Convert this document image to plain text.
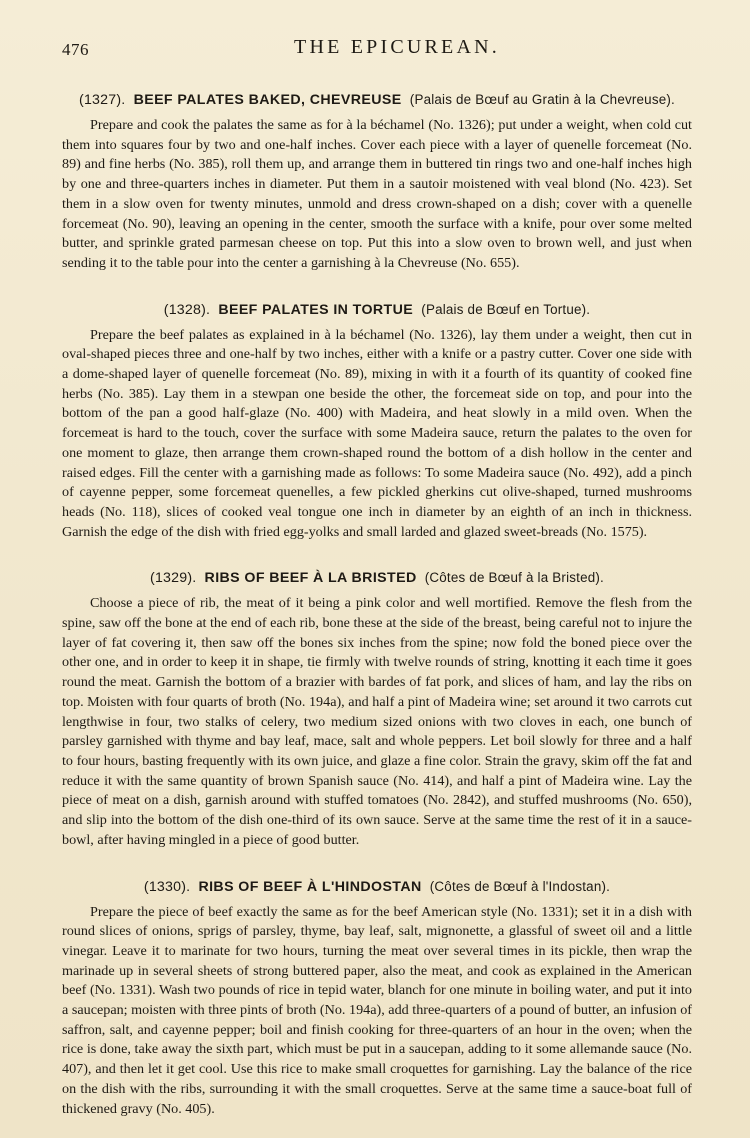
476	THE EPICUREAN.
(1327). BEEF PALATES BAKED, CHEVREUSE (Palais de Bœuf au Gratin à la Chevreuse).

Prepare and cook the palates the same as for à la béchamel (No. 1326); put under a weight, when cold cut them into squares four by two and one-half inches. Cover each piece with a layer of quenelle forcemeat (No. 89) and fine herbs (No. 385), roll them up, and arrange them in buttered tin rings two and one-half inches high by one and three-quarters inches in diameter. Put them in a sautoir moistened with veal blond (No. 423). Set them in a slow oven for twenty minutes, unmold and dress crown-shaped on a dish; cover with a quenelle forcemeat (No. 90), leaving an opening in the center, smooth the surface with a knife, pour over some melted butter, and sprinkle grated parmesan cheese on top. Put this into a slow oven to brown well, and just when sending it to the table pour into the center a garnishing à la Chevreuse (No. 655).

(1328). BEEF PALATES IN TORTUE (Palais de Bœuf en Tortue).

Prepare the beef palates as explained in à la béchamel (No. 1326), lay them under a weight, then cut in oval-shaped pieces three and one-half by two inches, either with a knife or a pastry cutter. Cover one side with a dome-shaped layer of quenelle forcemeat (No. 89), mixing in with it a fourth of its quantity of cooked fine herbs (No. 385). Lay them in a stewpan one beside the other, the forcemeat side on top, and pour into the bottom of the pan a good half-glaze (No. 400) with Madeira, and heat slowly in a mild oven. When the forcemeat is hard to the touch, cover the surface with some Madeira sauce, return the palates to the oven for one moment to glaze, then arrange them crown-shaped round the bottom of a dish hollow in the center and raised edges. Fill the center with a garnishing made as follows: To some Madeira sauce (No. 492), add a pinch of cayenne pepper, some forcemeat quenelles, a few pickled gherkins cut olive-shaped, turned mushrooms heads (No. 118), slices of cooked veal tongue one inch in diameter by an eighth of an inch in thickness. Garnish the edge of the dish with fried egg-yolks and small larded and glazed sweet-breads (No. 1575).

(1329). RIBS OF BEEF À LA BRISTED (Côtes de Bœuf à la Bristed).

Choose a piece of rib, the meat of it being a pink color and well mortified. Remove the flesh from the spine, saw off the bone at the end of each rib, bone these at the side of the breast, being careful not to injure the layer of fat covering it, then saw off the bones six inches from the spine; now fold the boned piece over the other one, and in order to keep it in shape, tie firmly with twelve rounds of string, knotting it each time it goes round the meat. Garnish the bottom of a brazier with bardes of fat pork, and slices of ham, and lay the ribs on top. Moisten with four quarts of broth (No. 194a), and half a pint of Madeira wine; set around it two carrots cut lengthwise in four, two stalks of celery, two medium sized onions with two cloves in each, one bunch of parsley garnished with thyme and bay leaf, mace, salt and whole peppers. Let boil slowly for three and a half to four hours, basting frequently with its own juice, and glaze a fine color. Strain the gravy, skim off the fat and reduce it with the same quantity of brown Spanish sauce (No. 414), and half a pint of Madeira wine. Lay the piece of meat on a dish, garnish around with stuffed tomatoes (No. 2842), and stuffed mushrooms (No. 650), and slip into the bottom of the dish one-third of its own sauce. Serve at the same time the rest of it in a sauce-bowl, after having mingled in a piece of good butter.

(1330). RIBS OF BEEF À L'HINDOSTAN (Côtes de Bœuf à l'Indostan).

Prepare the piece of beef exactly the same as for the beef American style (No. 1331); set it in a dish with round slices of onions, sprigs of parsley, thyme, bay leaf, salt, mignonette, a glassful of sweet oil and a little vinegar. Leave it to marinate for two hours, turning the meat over several times in its pickle, then wrap the marinade up in several sheets of strong buttered paper, also the meat, and cook as explained in the American beef (No. 1331). Wash two pounds of rice in tepid water, blanch for one minute in boiling water, and put it into a saucepan; moisten with three pints of broth (No. 194a), add three-quarters of a pound of butter, an infusion of saffron, salt, and cayenne pepper; boil and finish cooking for three-quarters of an hour in the oven; when the rice is done, take away the sixth part, which must be put in a saucepan, adding to it some allemande sauce (No. 407), and then let it get cool. Use this rice to make small croquettes for garnishing. Lay the balance of the rice on the dish with the ribs, surrounding it with the small croquettes. Serve at the same time a sauce-boat full of thickened gravy (No. 405).
